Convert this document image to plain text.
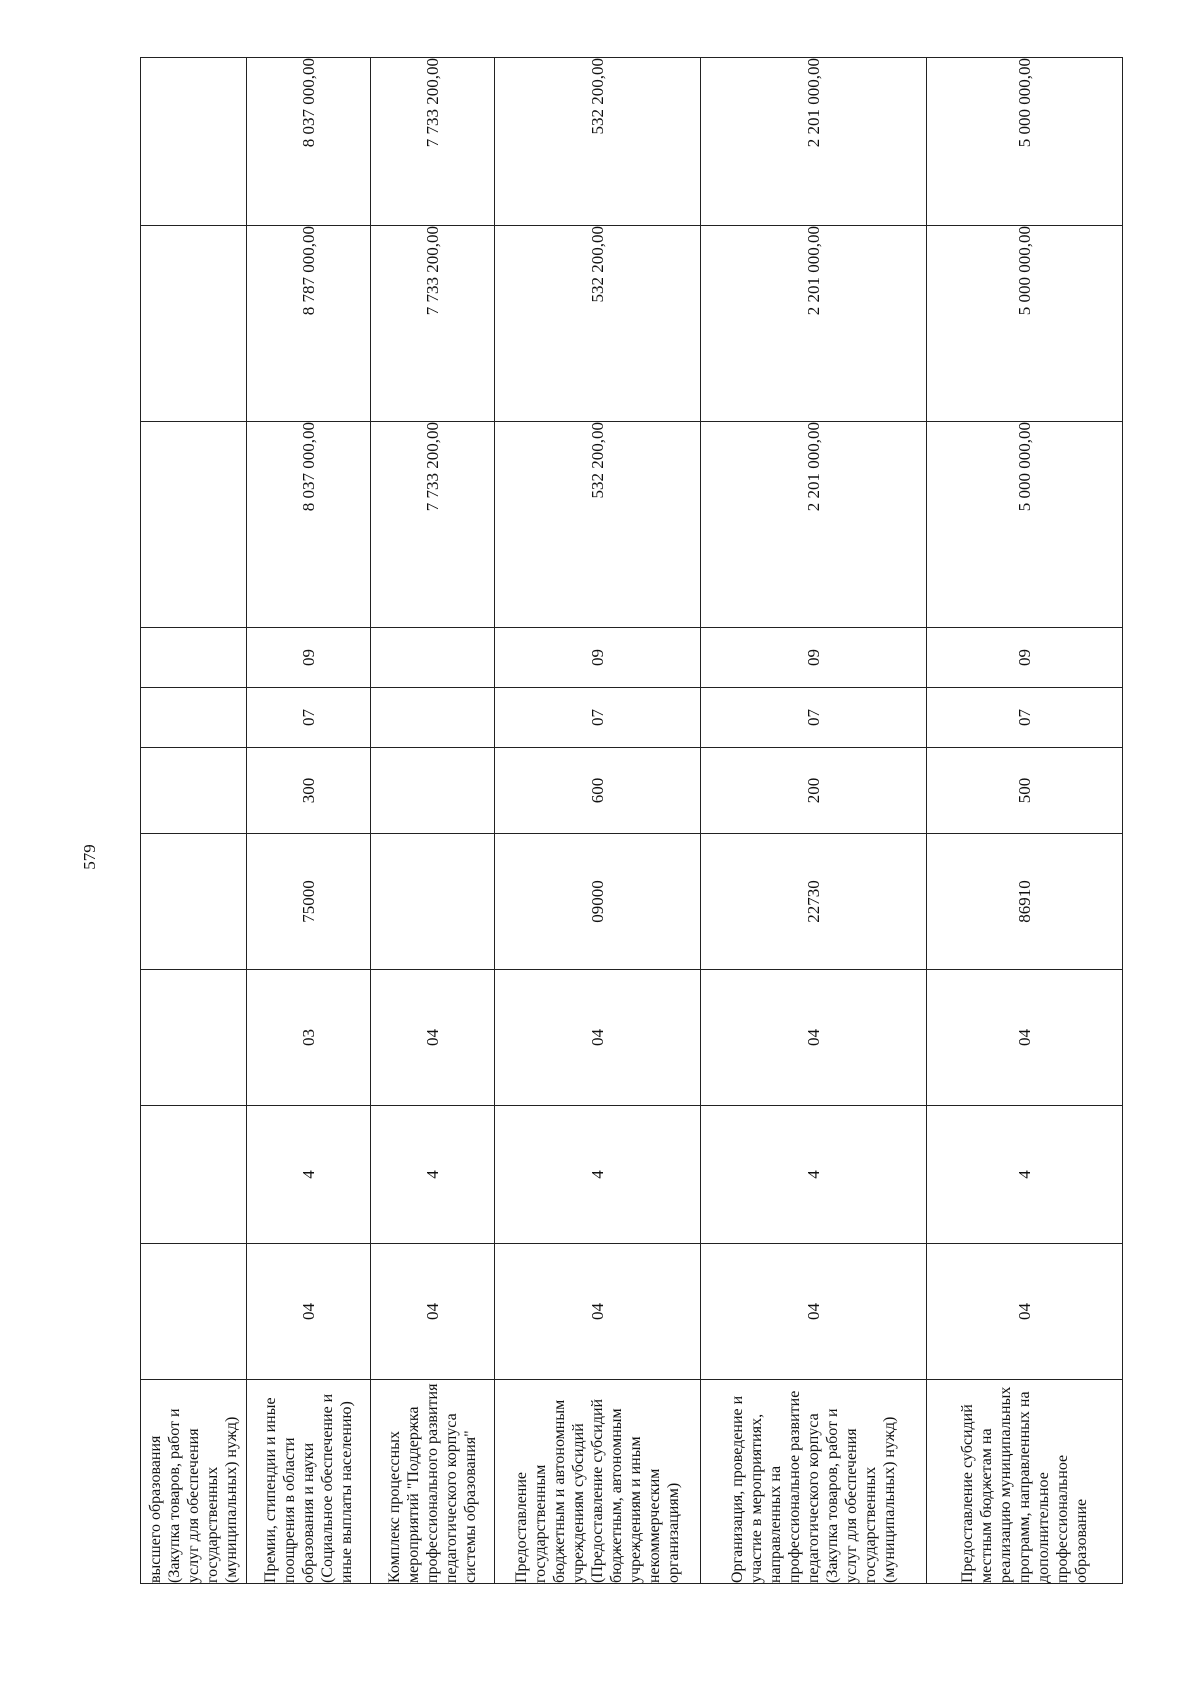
579
высшего образования (Закупка товаров, работ и услуг для обеспечения государственных (муниципальных) нужд)										
Премии, стипендии и иные поощрения в области образования и науки (Социальное обеспечение и иные выплаты населению)	04	4	03	75000	300	07	09	8 037 000,00	8 787 000,00	8 037 000,00
Комплекс процессных мероприятий "Поддержка профессионального развития педагогического корпуса системы образования"	04	4	04					7 733 200,00	7 733 200,00	7 733 200,00
Предоставление государственным бюджетным и автономным учреждениям субсидий (Предоставление субсидий бюджетным, автономным учреждениям и иным некоммерческим организациям)	04	4	04	09000	600	07	09	532 200,00	532 200,00	532 200,00
Организация, проведение и участие в мероприятиях, направленных на профессиональное развитие педагогического корпуса (Закупка товаров, работ и услуг для обеспечения государственных (муниципальных) нужд)	04	4	04	22730	200	07	09	2 201 000,00	2 201 000,00	2 201 000,00
Предоставление субсидий местным бюджетам на реализацию муниципальных программ, направленных на дополнительное профессиональное образование	04	4	04	86910	500	07	09	5 000 000,00	5 000 000,00	5 000 000,00
